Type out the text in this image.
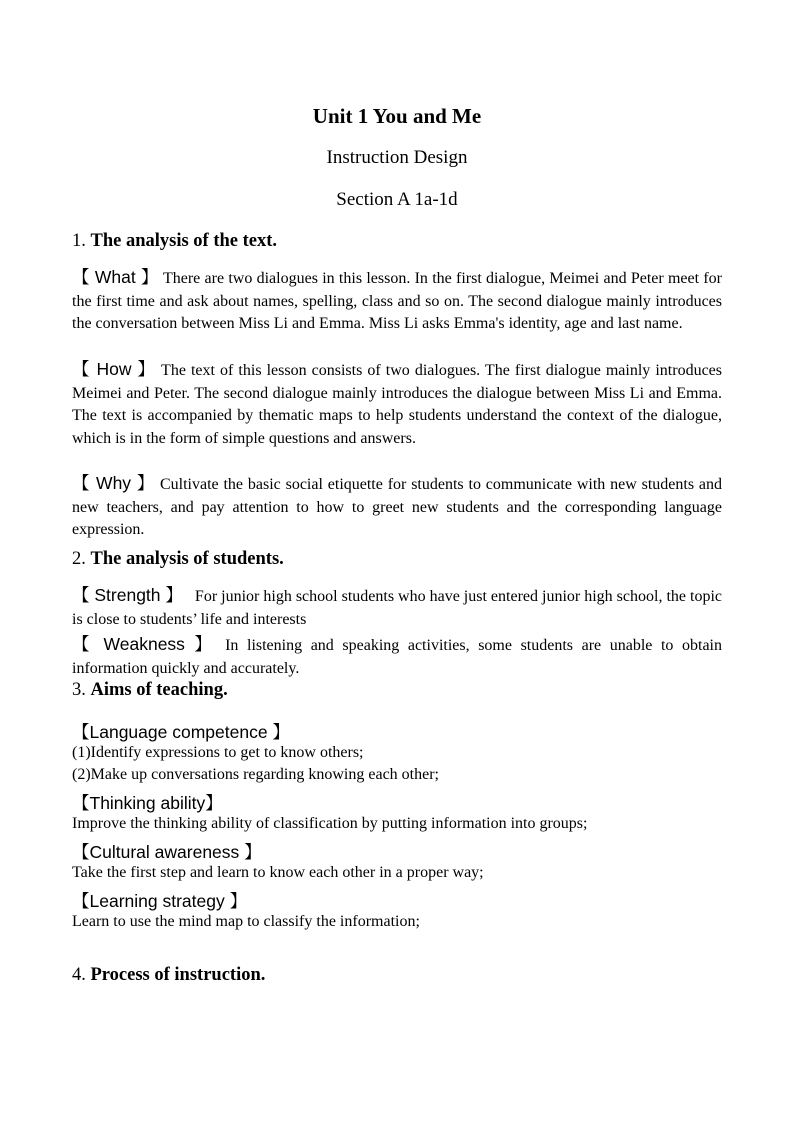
Unit 1 You and Me
Instruction Design
Section A 1a-1d
1. The analysis of the text.
【 What 】 There are two dialogues in this lesson. In the first dialogue, Meimei and Peter meet for the first time and ask about names, spelling, class and so on. The second dialogue mainly introduces the conversation between Miss Li and Emma. Miss Li asks Emma's identity, age and last name.
【 How 】 The text of this lesson consists of two dialogues. The first dialogue mainly introduces Meimei and Peter. The second dialogue mainly introduces the dialogue between Miss Li and Emma. The text is accompanied by thematic maps to help students understand the context of the dialogue, which is in the form of simple questions and answers.
【 Why 】 Cultivate the basic social etiquette for students to communicate with new students and new teachers, and pay attention to how to greet new students and the corresponding language expression.
2. The analysis of students.
【 Strength 】 For junior high school students who have just entered junior high school, the topic is close to students’ life and interests
【 Weakness 】 In listening and speaking activities, some students are unable to obtain information quickly and accurately.
3. Aims of teaching.
【Language competence 】
(1)Identify expressions to get to know others;
(2)Make up conversations regarding knowing each other;
【Thinking ability】
Improve the thinking ability of classification by putting information into groups;
【Cultural awareness 】
Take the first step and learn to know each other in a proper way;
【Learning strategy 】
Learn to use the mind map to classify the information;
4. Process of instruction.
